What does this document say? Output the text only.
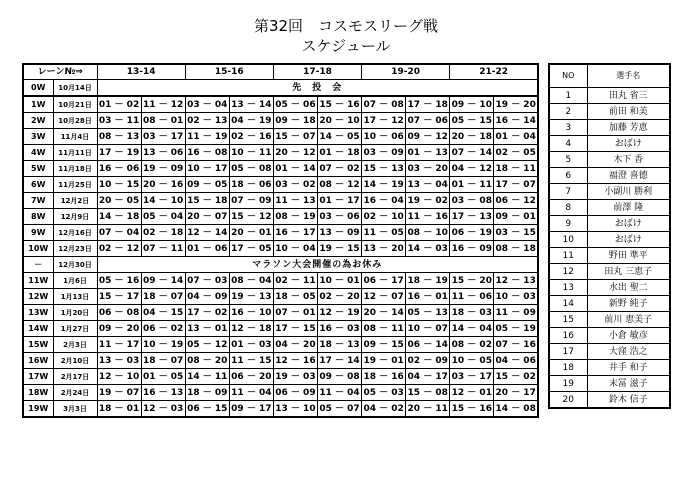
第32回　コスモスリーグ戦
スケジュール
レーン№⇒		13-14		15-16		17-18		19-20		21-22	
0W	10月14日	先　投　会									
1W	10月21日	01 － 02	11 － 12	03 － 04	13 － 14	05 － 06	15 － 16	07 － 08	17 － 18	09 － 10	19 － 20
2W	10月28日	03 － 11	08 － 01	02 － 13	04 － 19	09 － 18	20 － 10	17 － 12	07 － 06	05 － 15	16 － 14
3W	11月4日	08 － 13	03 － 17	11 － 19	02 － 16	15 － 07	14 － 05	10 － 06	09 － 12	20 － 18	01 － 04
4W	11月11日	17 － 19	13 － 06	16 － 08	10 － 11	20 － 12	01 － 18	03 － 09	01 － 13	07 － 14	02 － 05
5W	11月18日	16 － 06	19 － 09	10 － 17	05 － 08	01 － 14	07 － 02	15 － 13	03 － 20	04 － 12	18 － 11
6W	11月25日	10 － 15	20 － 16	09 － 05	18 － 06	03 － 02	08 － 12	14 － 19	13 － 04	01 － 11	17 － 07
7W	12月2日	20 － 05	14 － 10	15 － 18	07 － 09	11 － 13	01 － 17	16 － 04	19 － 02	03 － 08	06 － 12
8W	12月9日	14 － 18	05 － 04	20 － 07	15 － 12	08 － 19	03 － 06	02 － 10	11 － 16	17 － 13	09 － 01
9W	12月16日	07 － 04	02 － 18	12 － 14	20 － 01	16 － 17	13 － 09	11 － 05	08 － 10	06 － 19	03 － 15
10W	12月23日	02 － 12	07 － 11	01 － 06	17 － 05	10 － 04	19 － 15	13 － 20	14 － 03	16 － 09	08 － 18
－	12月30日	マラソン大会開催の為お休み									
11W	1月6日	05 － 16	09 － 14	07 － 03	08 － 04	02 － 11	10 － 01	06 － 17	18 － 19	15 － 20	12 － 13
12W	1月13日	15 － 17	18 － 07	04 － 09	19 － 13	18 － 05	02 － 20	12 － 07	16 － 01	11 － 06	10 － 03
13W	1月20日	06 － 08	04 － 15	17 － 02	16 － 10	07 － 01	12 － 19	20 － 14	05 － 13	18 － 03	11 － 09
14W	1月27日	09 － 20	06 － 02	13 － 01	12 － 18	17 － 15	16 － 03	08 － 11	10 － 07	14 － 04	05 － 19
15W	2月3日	11 － 17	10 － 19	05 － 12	01 － 03	04 － 20	18 － 13	09 － 15	06 － 14	08 － 02	07 － 16
16W	2月10日	13 － 03	18 － 07	08 － 20	11 － 15	12 － 16	17 － 14	19 － 01	02 － 09	10 － 05	04 － 06
17W	2月17日	12 － 10	01 － 05	14 － 11	06 － 20	19 － 03	09 － 08	18 － 16	04 － 17	03 － 17	15 － 02
18W	2月24日	19 － 07	16 － 13	18 － 09	11 － 04	06 － 09	11 － 04	05 － 03	15 － 08	12 － 01	20 － 17
19W	3月3日	18 － 01	12 － 03	06 － 15	09 － 17	13 － 10	05 － 07	04 － 02	20 － 11	15 － 16	14 － 08
NO	選手名
1	田丸 省三
2	前田 和美
3	加藤 芳恵
4	おばけ
5	木下 香
6	福澄 喜德
7	小副川 勝利
8	前澤 隆
9	おばけ
10	おばけ
11	野田 準平
12	田丸 三恵子
13	水出 聖二
14	新野 純子
15	前川 恵美子
16	小倉 敏彦
17	大窪 浩之
18	井手 和子
19	末冨 滋子
20	鈴木 信子
